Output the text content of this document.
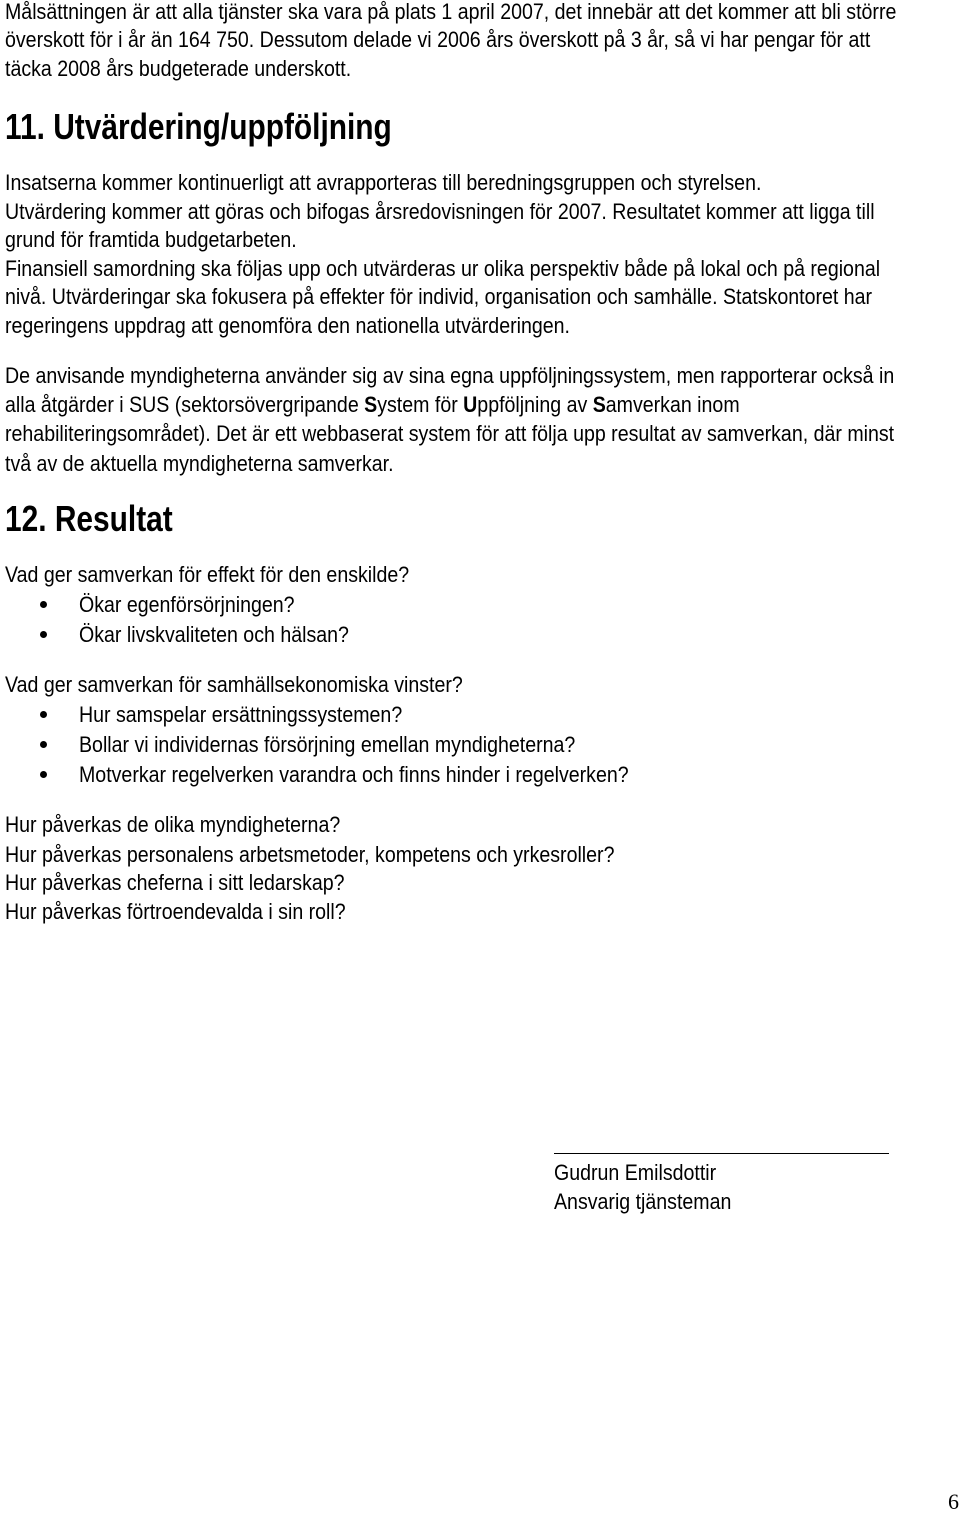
Målsättningen är att alla tjänster ska vara på plats 1 april 2007, det innebär att det kommer att bli större

överskott för i år än 164 750. Dessutom delade vi 2006 års överskott på 3 år, så vi har pengar för att

täcka 2008 års budgeterade underskott.

11. Utvärdering/uppföljning

Insatserna kommer kontinuerligt att avrapporteras till beredningsgruppen och styrelsen.

Utvärdering kommer att göras och bifogas årsredovisningen för 2007. Resultatet kommer att ligga till

grund för framtida budgetarbeten.

Finansiell samordning ska följas upp och utvärderas ur olika perspektiv både på lokal och på regional

nivå. Utvärderingar ska fokusera på effekter för individ, organisation och samhälle. Statskontoret har

regeringens uppdrag att genomföra den nationella utvärderingen.

De anvisande myndigheterna använder sig av sina egna uppföljningssystem, men rapporterar också in

alla åtgärder i SUS (sektorsövergripande System för Uppföljning av Samverkan inom

rehabiliteringsområdet). Det är ett webbaserat system för att följa upp resultat av samverkan, där minst

två av de aktuella myndigheterna samverkar.

12. Resultat

Vad ger samverkan för effekt för den enskilde?

Ökar egenförsörjningen?

Ökar livskvaliteten och hälsan?

Vad ger samverkan för samhällsekonomiska vinster?

Hur samspelar ersättningssystemen?

Bollar vi individernas försörjning emellan myndigheterna?

Motverkar regelverken varandra och finns hinder i regelverken?

Hur påverkas de olika myndigheterna?

Hur påverkas personalens arbetsmetoder, kompetens och yrkesroller?

Hur påverkas cheferna i sitt ledarskap?

Hur påverkas förtroendevalda i sin roll?

Gudrun Emilsdottir

Ansvarig tjänsteman

6
